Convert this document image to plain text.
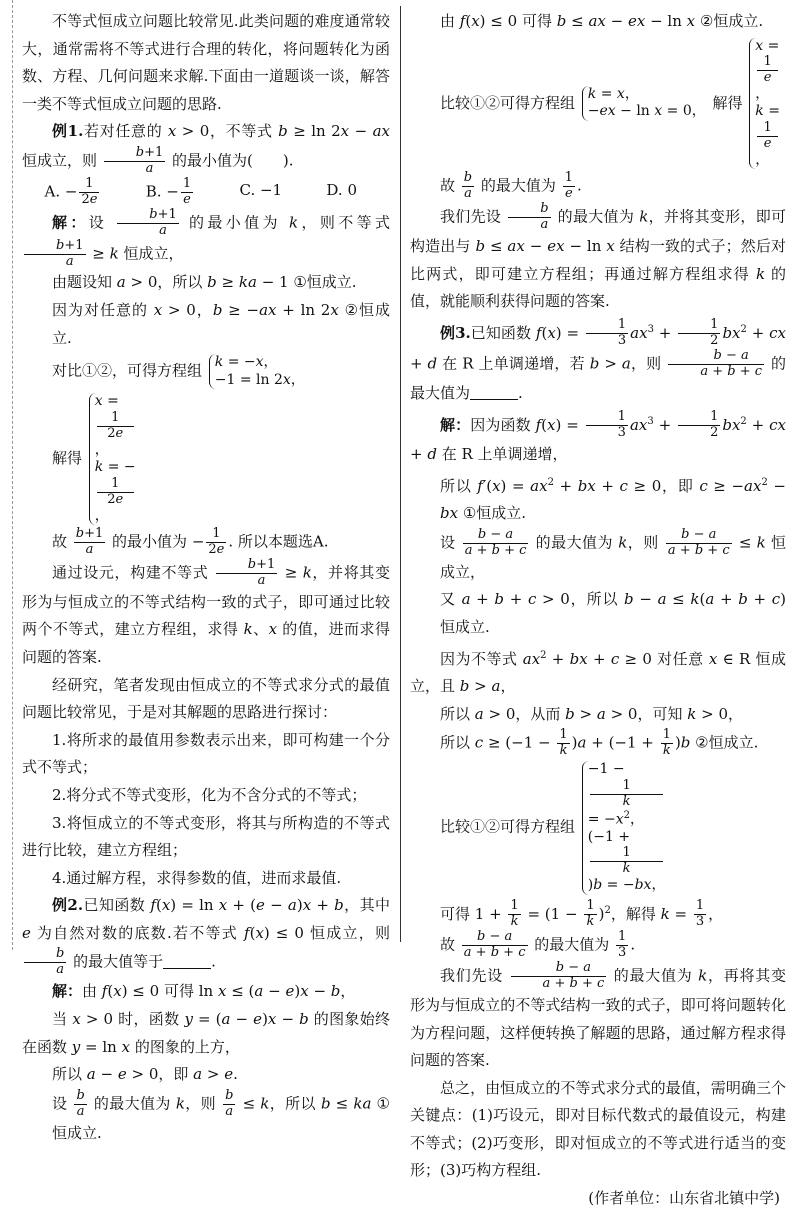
不等式恒成立问题比较常见.此类问题的难度通常较大，通常需将不等式进行合理的转化，将问题转化为函数、方程、几何问题来求解.下面由一道题谈一谈，解答一类不等式恒成立问题的思路.

例1.若对任意的 x > 0，不等式 b ≥ ln 2x − ax 恒成立，则 $\frac{b+1}{a}$ 的最小值为(　　).

A. − $\frac{1}{2e}$	B. − $\frac{1}{e}$	C. −1	D. 0

解：设 $\frac{b+1}{a}$ 的最小值为 k，则不等式
$\frac{b+1}{a} \ge k$ 恒成立，

由题设知 a > 0，所以 b ≥ ka − 1 ①恒成立.

因为对任意的 x > 0，b ≥ −ax + ln 2x ②恒成立.

对比①②，可得方程组 k = −x，
−1 = ln 2x，

解得
x =
1
2e
，
k = −
1
2e
，

故 $\frac{b+1}{a}$ 的最小值为 − $\frac{1}{2e}$ . 所以本题选A.

通过设元，构建不等式 $\frac{b+1}{a} \ge k$，并将其变形为与恒成立的不等式结构一致的式子，即可通过比较两个不等式，建立方程组，求得 k、x 的值，进而求得问题的答案.

经研究，笔者发现由恒成立的不等式求分式的最值问题比较常见，于是对其解题的思路进行探讨：

1.将所求的最值用参数表示出来，即可构建一个分式不等式；

2.将分式不等式变形，化为不含分式的不等式；

3.将恒成立的不等式变形，将其与所构造的不等式进行比较，建立方程组；

4.通过解方程，求得参数的值，进而求最值.

例2.已知函数 f(x) = ln x + (e − a)x + b，其中 e 为自然对数的底数.若不等式 f(x) ≤ 0 恒成立，则
$\frac{b}{a}$ 的最大值等于	.

解：由 f(x) ≤ 0 可得 ln x ≤ (a − e)x − b，

当 x > 0 时，函数 y = (a − e)x − b 的图象始终在函数 y = ln x 的图象的上方，

所以 a − e > 0，即 a > e.

设 $\frac{b}{a}$ 的最大值为 k，则 $\frac{b}{a} \le k$，所以 b ≤ ka ①恒成立.

由 f(x) ≤ 0 可得 b ≤ ax − ex − ln x ②恒成立.

比较①②可得方程组 k = x，
−ex − ln x = 0， 解得
x =
1
e
，
k =
1
e
，

故 $\frac{b}{a}$ 的最大值为 $\frac{1}{e}$ .

我们先设 $\frac{b}{a}$ 的最大值为 k，并将其变形，即可构造出与 b ≤ ax − ex − ln x 结构一致的式子；然后对比两式，即可建立方程组；再通过解方程组求得 k 的值，就能顺利获得问题的答案.

例3.已知函数 $f(x) = \frac{1}{3} ax^3 + \frac{1}{2} bx^2$ + cx + d 在 R 上单调递增，若 b > a，则 $\frac{b - a}{a + b + c}$ 的最大值为	.

解：因为函数 $f(x) = \frac{1}{3} ax^3 + \frac{1}{2} bx^2$ + cx + d 在 R 上单调递增，

所以 $f'(x) = ax^2$ + bx + c ≥ 0，即 $c \ge -ax^2$ − bx ①恒成立.

设 $\frac{b - a}{a + b + c}$ 的最大值为 k，则 $\frac{b - a}{a + b + c} \le k$ 恒成立，

又 a + b + c > 0，所以 b − a ≤ k(a + b + c) 恒成立.

因为不等式 $ax^2$ + bx + c ≥ 0 对任意 x ∈ R 恒成立，且 b > a，

所以 a > 0，从而 b > a > 0，可知 k > 0，

所以 $c \ge (-1 - \frac{1}{k} )a + (-1 + \frac{1}{k} )b$ ②恒成立.

比较①②可得方程组
−1 −
1
k
= $-x^2$，
(−1 +
1
k
)b = −bx，

可得 $1 + \frac{1}{k} = (1 - \frac{1}{k} )^2$，解得 $k = \frac{1}{3}$ ，

故 $\frac{b - a}{a + b + c}$ 的最大值为 $\frac{1}{3}$ .

我们先设 $\frac{b - a}{a + b + c}$ 的最大值为 k，再将其变形为与恒成立的不等式结构一致的式子，即可将问题转化为方程问题，这样便转换了解题的思路，通过解方程求得问题的答案.

总之，由恒成立的不等式求分式的最值，需明确三个关键点：(1)巧设元，即对目标代数式的最值设元，构建不等式；(2)巧变形，即对恒成立的不等式进行适当的变形；(3)巧构方程组.

(作者单位：山东省北镇中学)
